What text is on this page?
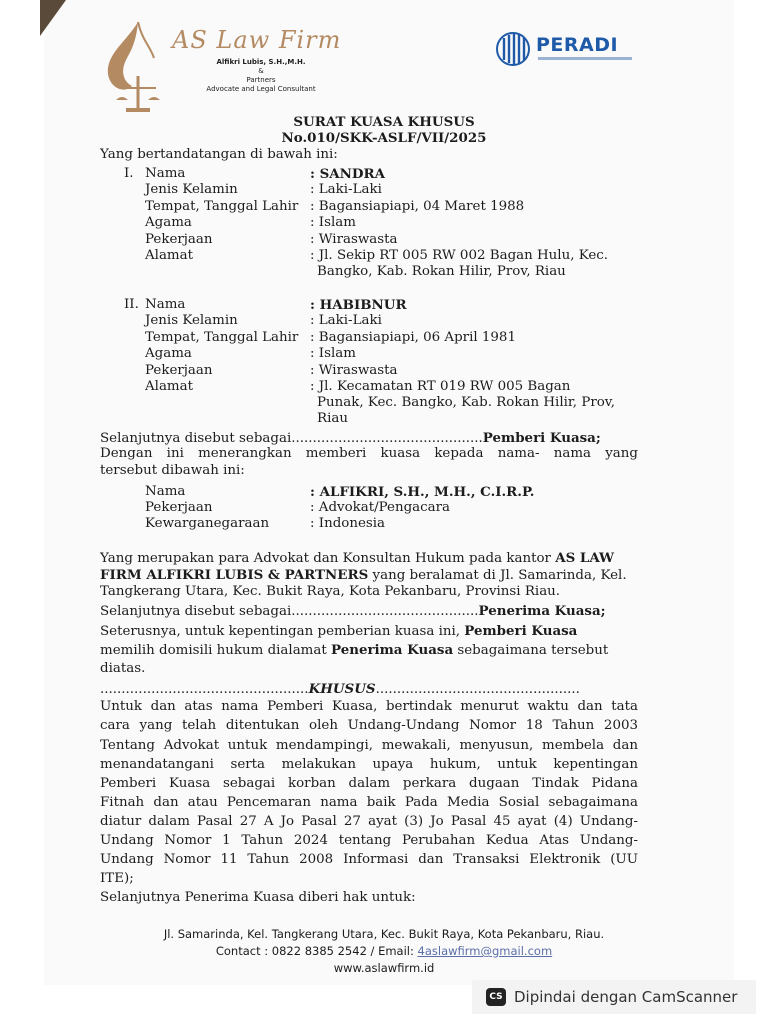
AS Law Firm
Alfikri Lubis, S.H.,M.H.
&
Partners
Advocate and Legal Consultant
PERADI
SURAT KUASA KHUSUS
No.010/SKK-ASLF/VII/2025
Yang bertandatangan di bawah ini:
I. Nama	: SANDRA
Jenis Kelamin	: Laki-Laki
Tempat, Tanggal Lahir : Bagansiapiapi, 04 Maret 1988
Agama	: Islam
Pekerjaan	: Wiraswasta
Alamat	: Jl. Sekip RT 005 RW 002 Bagan Hulu, Kec.
Bangko, Kab. Rokan Hilir, Prov, Riau
II. Nama	: HABIBNUR
Jenis Kelamin	: Laki-Laki
Tempat, Tanggal Lahir : Bagansiapiapi, 06 April 1981
Agama	: Islam
Pekerjaan	: Wiraswasta
Alamat	: Jl. Kecamatan RT 019 RW 005 Bagan
Punak, Kec. Bangko, Kab. Rokan Hilir, Prov,
Riau
Selanjutnya disebut sebagai.............................................Pemberi Kuasa;
Dengan ini menerangkan memberi kuasa kepada nama- nama yang
tersebut dibawah ini:
Nama	: ALFIKRI, S.H., M.H., C.I.R.P.
Pekerjaan	: Advokat/Pengacara
Kewarganegaraan	: Indonesia
Yang merupakan para Advokat dan Konsultan Hukum pada kantor AS LAW
FIRM ALFIKRI LUBIS & PARTNERS yang beralamat di Jl. Samarinda, Kel.
Tangkerang Utara, Kec. Bukit Raya, Kota Pekanbaru, Provinsi Riau.
Selanjutnya disebut sebagai............................................Penerima Kuasa;
Seterusnya, untuk kepentingan pemberian kuasa ini, Pemberi Kuasa
memilih domisili hukum dialamat Penerima Kuasa sebagaimana tersebut
diatas.
.................................................KHUSUS................................................
Untuk dan atas nama Pemberi Kuasa, bertindak menurut waktu dan tata
cara yang telah ditentukan oleh Undang-Undang Nomor 18 Tahun 2003
Tentang Advokat untuk mendampingi, mewakali, menyusun, membela dan
menandatangani serta melakukan upaya hukum, untuk kepentingan
Pemberi Kuasa sebagai korban dalam perkara dugaan Tindak Pidana
Fitnah dan atau Pencemaran nama baik Pada Media Sosial sebagaimana
diatur dalam Pasal 27 A Jo Pasal 27 ayat (3) Jo Pasal 45 ayat (4) Undang-
Undang Nomor 1 Tahun 2024 tentang Perubahan Kedua Atas Undang-
Undang Nomor 11 Tahun 2008 Informasi dan Transaksi Elektronik (UU
ITE);
Selanjutnya Penerima Kuasa diberi hak untuk:
Jl. Samarinda, Kel. Tangkerang Utara, Kec. Bukit Raya, Kota Pekanbaru, Riau.
Contact : 0822 8385 2542 / Email: 4aslawfirm@gmail.com
www.aslawfirm.id
CS Dipindai dengan CamScanner
